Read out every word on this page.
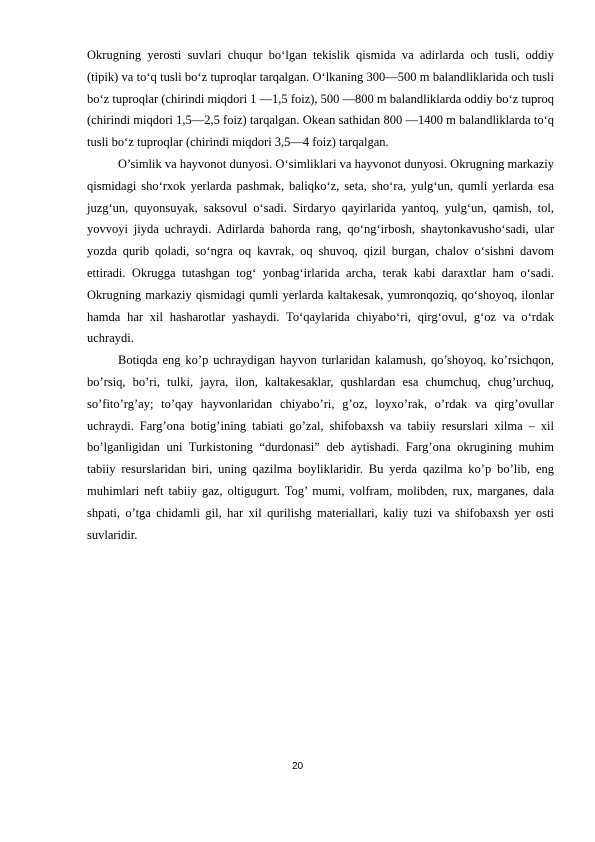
Okrugning yerosti suvlari chuqur bo‘lgan tekislik qismida va adirlarda och tusli, oddiy (tipik) va to‘q tusli bo‘z tuproqlar tarqalgan. O‘lkaning 300—500 m balandliklarida och tusli bo‘z tuproqlar (chirindi miqdori 1 —1,5 foiz), 500 —800 m balandliklarda oddiy bo‘z tuproq (chirindi miqdori 1,5—2,5 foiz) tarqalgan. Okean sathidan 800 —1400 m balandliklarda to‘q tusli bo‘z tuproqlar (chirindi miqdori 3,5—4 foiz) tarqalgan.

O’simlik va hayvonot dunyosi. O‘simliklari va hayvonot dunyosi. Okrugning markaziy qismidagi sho‘rxok yerlarda pashmak, baliqko‘z, seta, sho‘ra, yulg‘un, qumli yerlarda esa juzg‘un, quyonsuyak, saksovul o‘sadi. Sirdaryo qayirlarida yantoq, yulg‘un, qamish, tol, yovvoyi jiyda uchraydi. Adirlarda bahorda rang, qo‘ng‘irbosh, shaytonkavusho‘sadi, ular yozda qurib qoladi, so‘ngra oq kavrak, oq shuvoq, qizil burgan, chalov o‘sishni davom ettiradi. Okrugga tutashgan tog‘ yonbag‘irlarida archa, terak kabi daraxtlar ham o‘sadi. Okrugning markaziy qismidagi qumli yerlarda kaltakesak, yumronqoziq, qo‘shoyoq, ilonlar hamda har xil hasharotlar yashaydi. To‘qaylarida chiyabo‘ri, qirg‘ovul, g‘oz va o‘rdak uchraydi.

Botiqda eng ko’p uchraydigan hayvon turlaridan kalamush, qo’shoyoq, ko’rsichqon, bo’rsiq, bo’ri, tulki, jayra, ilon, kaltakesaklar, qushlardan esa chumchuq, chug’urchuq, so’fito’rg’ay; to’qay hayvonlaridan chiyabo’ri, g’oz, loyxo’rak, o’rdak va qirg’ovullar uchraydi. Farg’ona botig’ining tabiati go’zal, shifobaxsh va tabiiy resurslari xilma – xil bo’lganligidan uni Turkistoning “durdonasi” deb aytishadi. Farg’ona okrugining muhim tabiiy resurslaridan biri, uning qazilma boyliklaridir. Bu yerda qazilma ko’p bo’lib, eng muhimlari neft tabiiy gaz, oltigugurt. Tog’ mumi, volfram, molibden, rux, marganes, dala shpati, o’tga chidamli gil, har xil qurilishg materiallari, kaliy tuzi va shifobaxsh yer osti suvlaridir.

20
